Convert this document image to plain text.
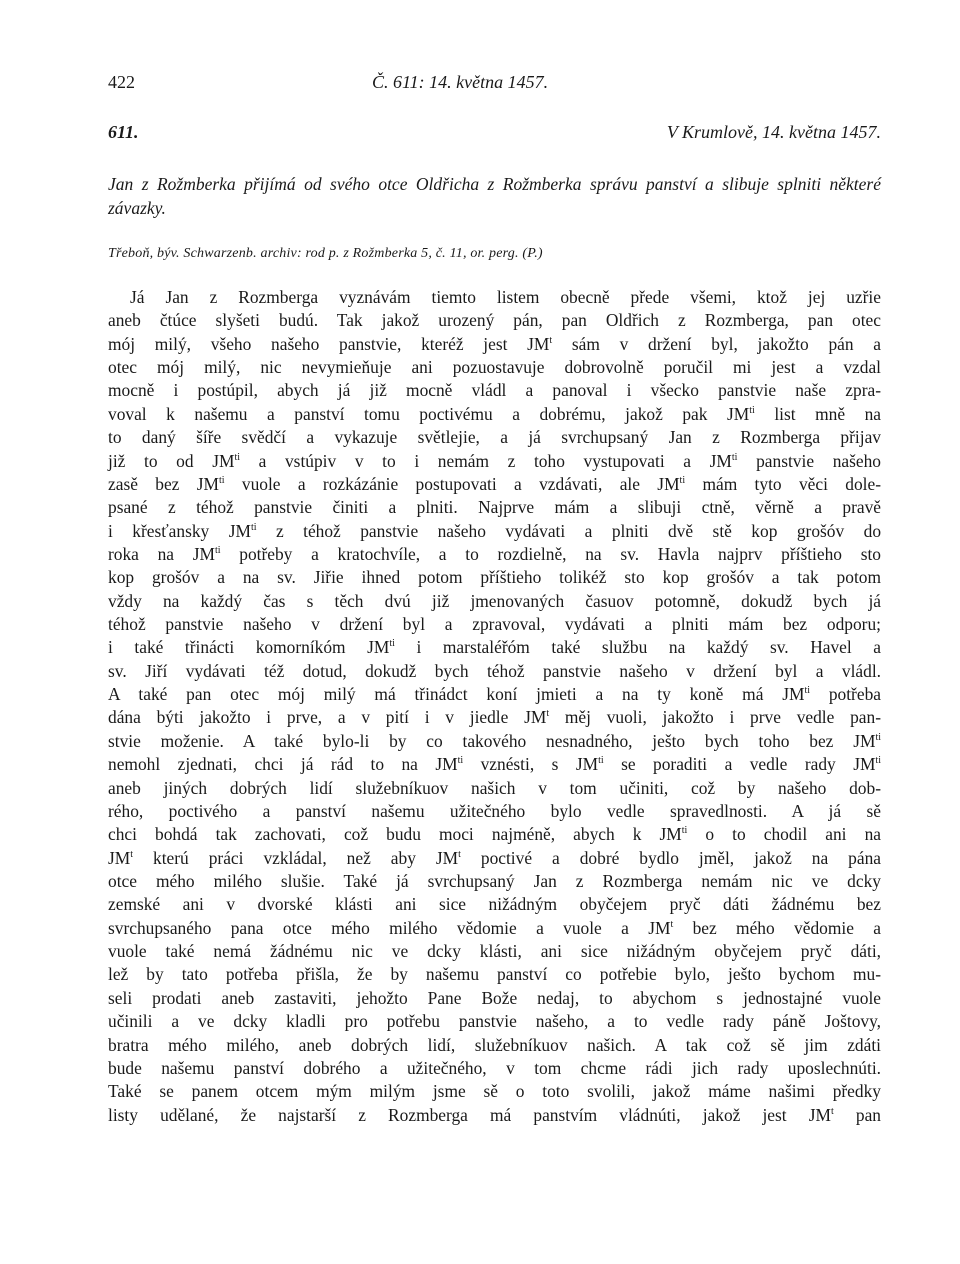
422	Č. 611: 14. května 1457.
611.	V Krumlově, 14. května 1457.
Jan z Rožmberka přijímá od svého otce Oldřicha z Rožmberka správu panství a slibuje splniti některé závazky.
Třeboň, býv. Schwarzenb. archiv: rod p. z Rožmberka 5, č. 11, or. perg. (P.)
Já Jan z Rozmberga vyznávám tiemto listem obecně přede všemi, ktož jej uzřie
aneb čtúce slyšeti budú. Tak jakož urozený pán, pan Oldřich z Rozmberga, pan otec
mój milý, všeho našeho panstvie, kteréž jest $JM^t$ sám v držení byl, jakožto pán a
otec mój milý, nic nevymieňuje ani pozuostavuje dobrovolně poručil mi jest a vzdal
mocně i postúpil, abych já již mocně vládl a panoval i všecko panstvie naše zpra-
voval k našemu a panství tomu poctivému a dobrému, jakož pak $JM^{ti}$ list mně na
to daný šíře svědčí a vykazuje světlejie, a já svrchupsaný Jan z Rozmberga přijav
již to od $JM^{ti}$ a vstúpiv v to i nemám z toho vystupovati a $JM^{ti}$ panstvie našeho
zasě bez $JM^{ti}$ vuole a rozkázánie postupovati a vzdávati, ale $JM^{ti}$ mám tyto věci dole-
psané z téhož panstvie činiti a plniti. Najprve mám a slibuji ctně, věrně a pravě
i křesťansky $JM^{ti}$ z téhož panstvie našeho vydávati a plniti dvě stě kop grošóv do
roka na $JM^{ti}$ potřeby a kratochvíle, a to rozdielně, na sv. Havla najprv příštieho sto
kop grošóv a na sv. Jiřie ihned potom příštieho tolikéž sto kop grošóv a tak potom
vždy na každý čas s těch dvú již jmenovaných časuov potomně, dokudž bych já
téhož panstvie našeho v držení byl a zpravoval, vydávati a plniti mám bez odporu;
i také třinácti komorníkóm $JM^{ti}$ i marstaléřóm také službu na každý sv. Havel a
sv. Jiří vydávati též dotud, dokudž bych téhož panstvie našeho v držení byl a vládl.
A také pan otec mój milý má třinádct koní jmieti a na ty koně má $JM^{ti}$ potřeba
dána býti jakožto i prve, a v pití i v jiedle $JM^t$ měj vuoli, jakožto i prve vedle pan-
stvie moženie. A také bylo-li by co takového nesnadného, ješto bych toho bez $JM^{ti}$
nemohl zjednati, chci já rád to na $JM^{ti}$ vznésti, s $JM^{ti}$ se poraditi a vedle rady $JM^{ti}$
aneb jiných dobrých lidí služebníkuov našich v tom učiniti, což by našeho dob-
rého, poctivého a panství našemu užitečného bylo vedle spravedlnosti. A já sě
chci bohdá tak zachovati, což budu moci najméně, abych k $JM^{ti}$ o to chodil ani na
$JM^t$ kterú práci vzkládal, než aby $JM^t$ poctivé a dobré bydlo jměl, jakož na pána
otce mého milého slušie. Také já svrchupsaný Jan z Rozmberga nemám nic ve dcky
zemské ani v dvorské klásti ani sice nižádným obyčejem pryč dáti žádnému bez
svrchupsaného pana otce mého milého vědomie a vuole a $JM^t$ bez mého vědomie a
vuole také nemá žádnému nic ve dcky klásti, ani sice nižádným obyčejem pryč dáti,
lež by tato potřeba přišla, že by našemu panství co potřebie bylo, ješto bychom mu-
seli prodati aneb zastaviti, jehožto Pane Bože nedaj, to abychom s jednostajné vuole
učinili a ve dcky kladli pro potřebu panstvie našeho, a to vedle rady páně Joštovy,
bratra mého milého, aneb dobrých lidí, služebníkuov našich. A tak což sě jim zdáti
bude našemu panství dobrého a užitečného, v tom chcme rádi jich rady uposlechnúti.
Také se panem otcem mým milým jsme sě o toto svolili, jakož máme našimi předky
listy udělané, že najstarší z Rozmberga má panstvím vládnúti, jakož jest $JM^t$ pan
